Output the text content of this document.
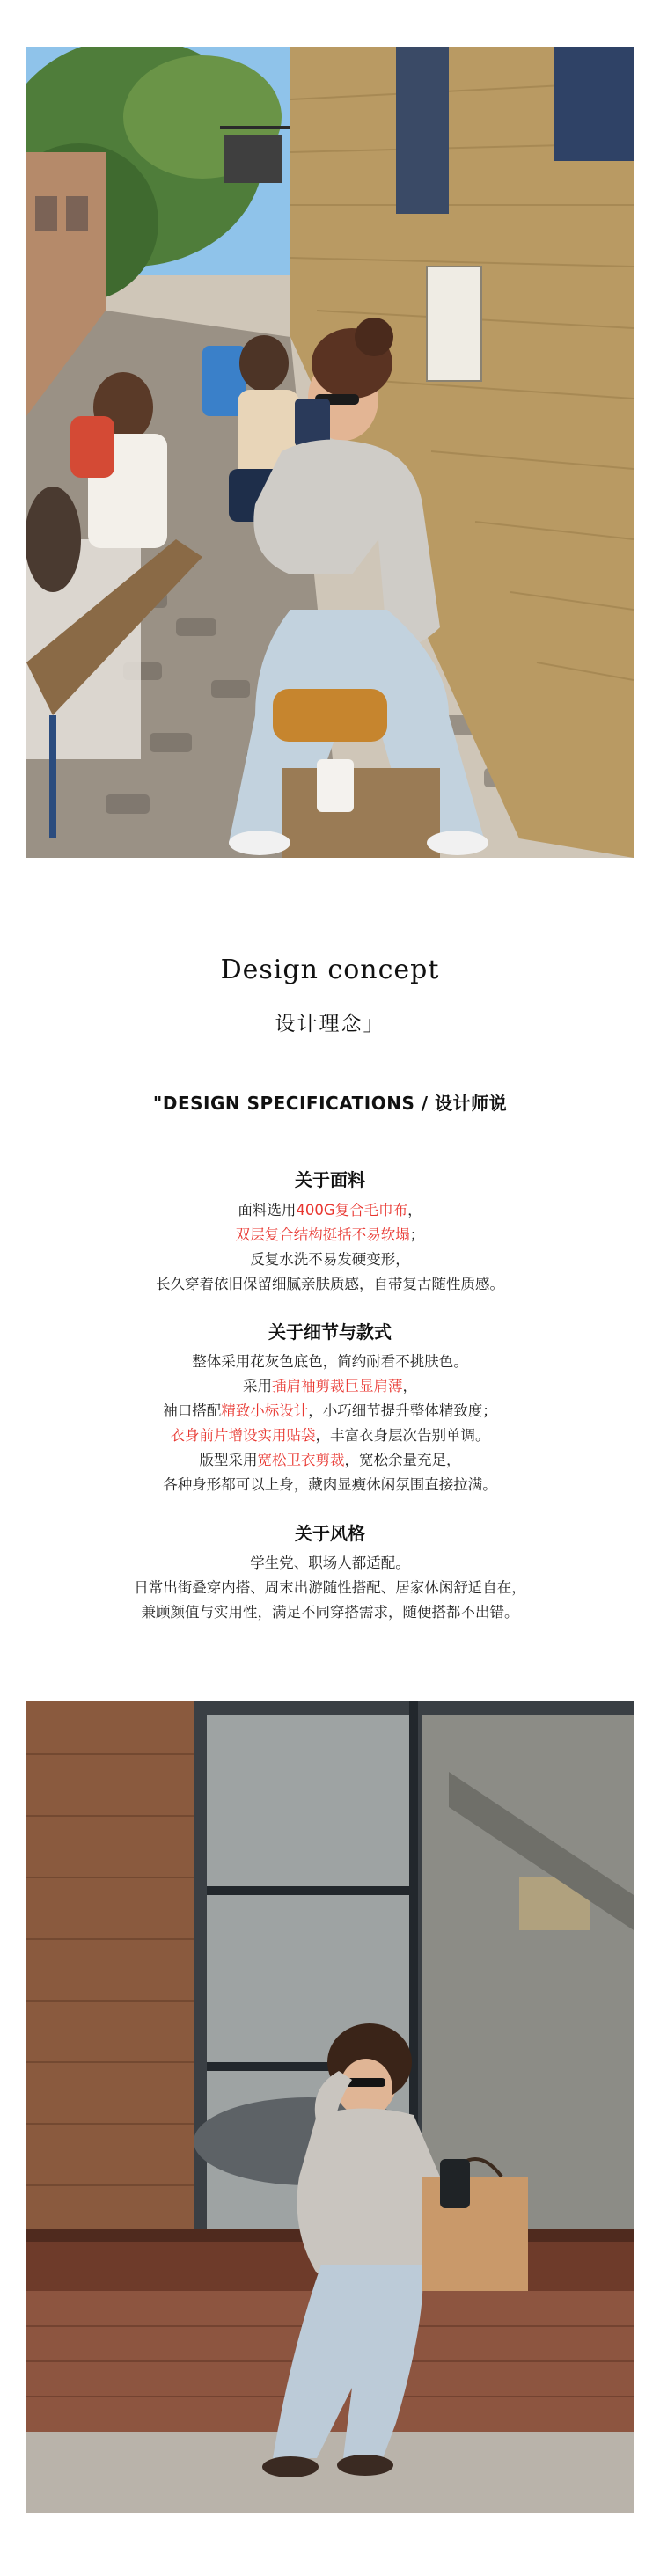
Design concept
设计理念」
"DESIGN SPECIFICATIONS / 设计师说
关于面料
面料选用400G复合毛巾布，
双层复合结构挺括不易软塌；
反复水洗不易发硬变形，
长久穿着依旧保留细腻亲肤质感，自带复古随性质感。
关于细节与款式
整体采用花灰色底色，简约耐看不挑肤色。
采用插肩袖剪裁巨显肩薄，
袖口搭配精致小标设计，小巧细节提升整体精致度；
衣身前片增设实用贴袋，丰富衣身层次告别单调。
版型采用宽松卫衣剪裁，宽松余量充足，
各种身形都可以上身，藏肉显瘦休闲氛围直接拉满。
关于风格
学生党、职场人都适配。
日常出街叠穿内搭、周末出游随性搭配、居家休闲舒适自在，
兼顾颜值与实用性，满足不同穿搭需求，随便搭都不出错。
